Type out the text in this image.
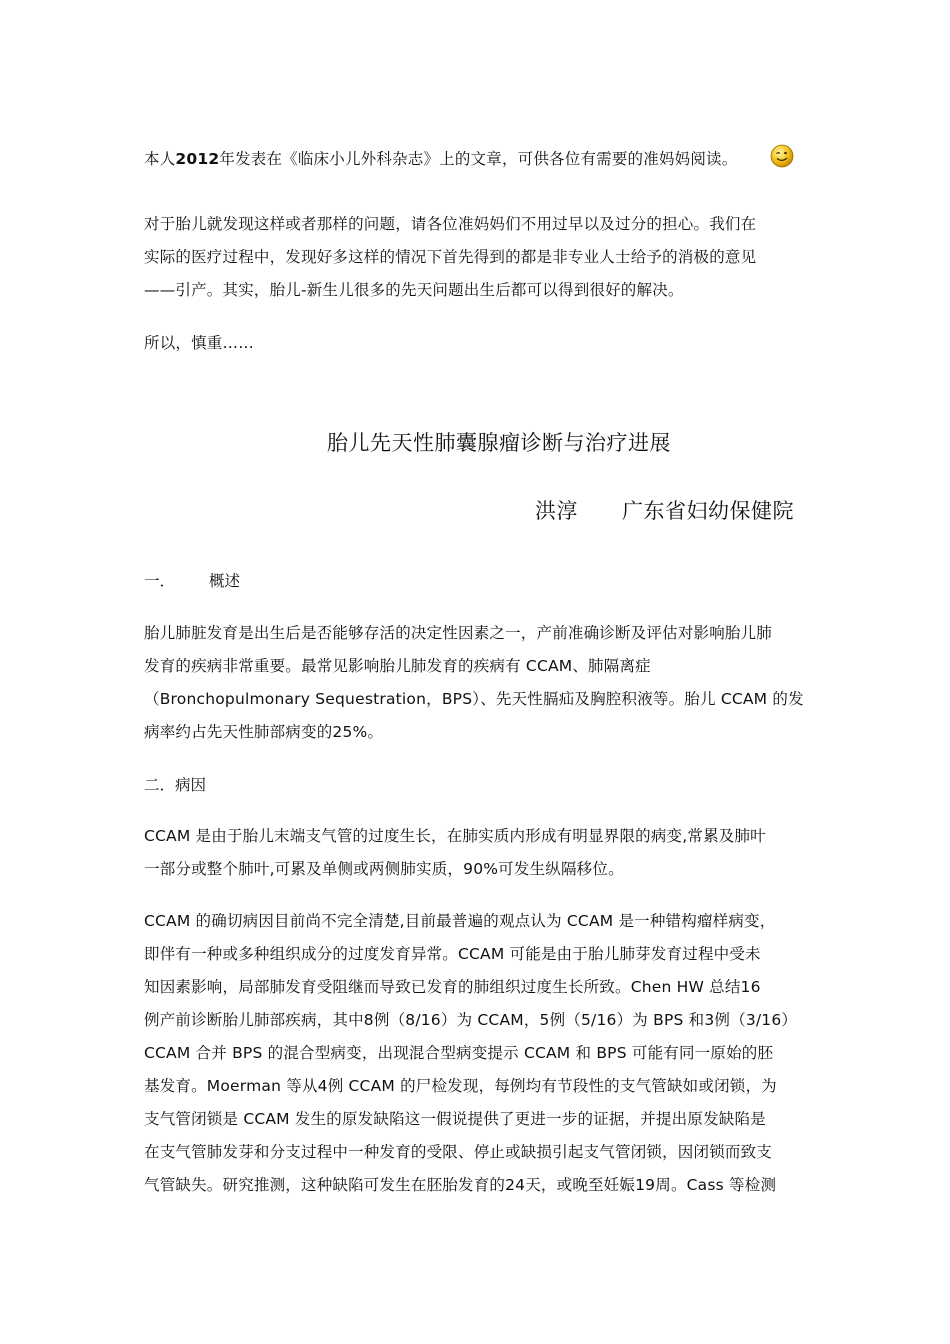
本人2012年发表在《临床小儿外科杂志》上的文章，可供各位有需要的准妈妈阅读。
对于胎儿就发现这样或者那样的问题，请各位准妈妈们不用过早以及过分的担心。我们在
实际的医疗过程中，发现好多这样的情况下首先得到的都是非专业人士给予的消极的意见
——引产。其实，胎儿-新生儿很多的先天问题出生后都可以得到很好的解决。
所以，慎重……
胎儿先天性肺囊腺瘤诊断与治疗进展
洪淳 广东省妇幼保健院
一． 概述
胎儿肺脏发育是出生后是否能够存活的决定性因素之一，产前准确诊断及评估对影响胎儿肺
发育的疾病非常重要。最常见影响胎儿肺发育的疾病有 CCAM、肺隔离症
（Bronchopulmonary Sequestration，BPS）、先天性膈疝及胸腔积液等。胎儿 CCAM 的发
病率约占先天性肺部病变的25%。
二．病因
CCAM 是由于胎儿末端支气管的过度生长，在肺实质内形成有明显界限的病变,常累及肺叶
一部分或整个肺叶,可累及单侧或两侧肺实质，90%可发生纵隔移位。
CCAM 的确切病因目前尚不完全清楚,目前最普遍的观点认为 CCAM 是一种错构瘤样病变，
即伴有一种或多种组织成分的过度发育异常。CCAM 可能是由于胎儿肺芽发育过程中受未
知因素影响，局部肺发育受阻继而导致已发育的肺组织过度生长所致。Chen HW 总结16
例产前诊断胎儿肺部疾病，其中8例（8/16）为 CCAM，5例（5/16）为 BPS 和3例（3/16）
CCAM 合并 BPS 的混合型病变，出现混合型病变提示 CCAM 和 BPS 可能有同一原始的胚
基发育。Moerman 等从4例 CCAM 的尸检发现，每例均有节段性的支气管缺如或闭锁，为
支气管闭锁是 CCAM 发生的原发缺陷这一假说提供了更进一步的证据，并提出原发缺陷是
在支气管肺发芽和分支过程中一种发育的受限、停止或缺损引起支气管闭锁，因闭锁而致支
气管缺失。研究推测，这种缺陷可发生在胚胎发育的24天，或晚至妊娠19周。Cass 等检测
